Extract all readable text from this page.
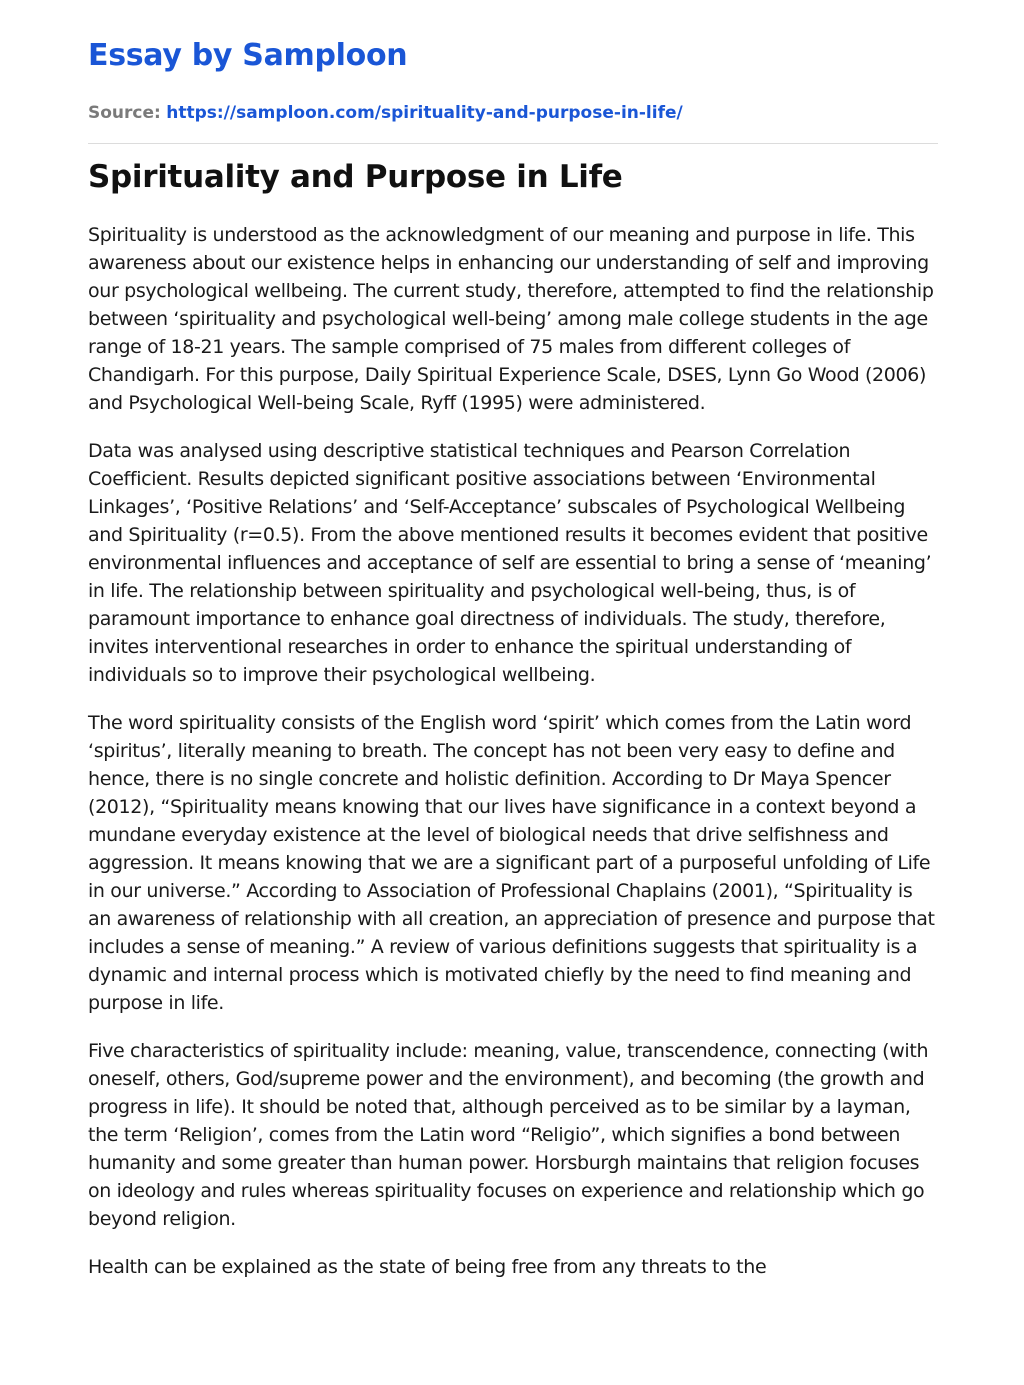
Essay by Samploon
Source: https://samploon.com/spirituality-and-purpose-in-life/
Spirituality and Purpose in Life

Spirituality is understood as the acknowledgment of our meaning and purpose in life. This awareness about our existence helps in enhancing our understanding of self and improving our psychological wellbeing. The current study, therefore, attempted to find the relationship between ‘spirituality and psychological well-being’ among male college students in the age range of 18-21 years. The sample comprised of 75 males from different colleges of Chandigarh. For this purpose, Daily Spiritual Experience Scale, DSES, Lynn Go Wood (2006) and Psychological Well-being Scale, Ryff (1995) were administered.

Data was analysed using descriptive statistical techniques and Pearson Correlation Coefficient. Results depicted significant positive associations between ‘Environmental Linkages’, ‘Positive Relations’ and ‘Self-Acceptance’ subscales of Psychological Wellbeing and Spirituality (r=0.5). From the above mentioned results it becomes evident that positive environmental influences and acceptance of self are essential to bring a sense of ‘meaning’ in life. The relationship between spirituality and psychological well-being, thus, is of paramount importance to enhance goal directness of individuals. The study, therefore, invites interventional researches in order to enhance the spiritual understanding of individuals so to improve their psychological wellbeing.

The word spirituality consists of the English word ‘spirit’ which comes from the Latin word ‘spiritus’, literally meaning to breath. The concept has not been very easy to define and hence, there is no single concrete and holistic definition. According to Dr Maya Spencer (2012), “Spirituality means knowing that our lives have significance in a context beyond a mundane everyday existence at the level of biological needs that drive selfishness and aggression. It means knowing that we are a significant part of a purposeful unfolding of Life in our universe.” According to Association of Professional Chaplains (2001), “Spirituality is an awareness of relationship with all creation, an appreciation of presence and purpose that includes a sense of meaning.” A review of various definitions suggests that spirituality is a dynamic and internal process which is motivated chiefly by the need to find meaning and purpose in life.

Five characteristics of spirituality include: meaning, value, transcendence, connecting (with oneself, others, God/supreme power and the environment), and becoming (the growth and progress in life). It should be noted that, although perceived as to be similar by a layman, the term ‘Religion’, comes from the Latin word “Religio”, which signifies a bond between humanity and some greater than human power. Horsburgh maintains that religion focuses on ideology and rules whereas spirituality focuses on experience and relationship which go beyond religion.

Health can be explained as the state of being free from any threats to the
